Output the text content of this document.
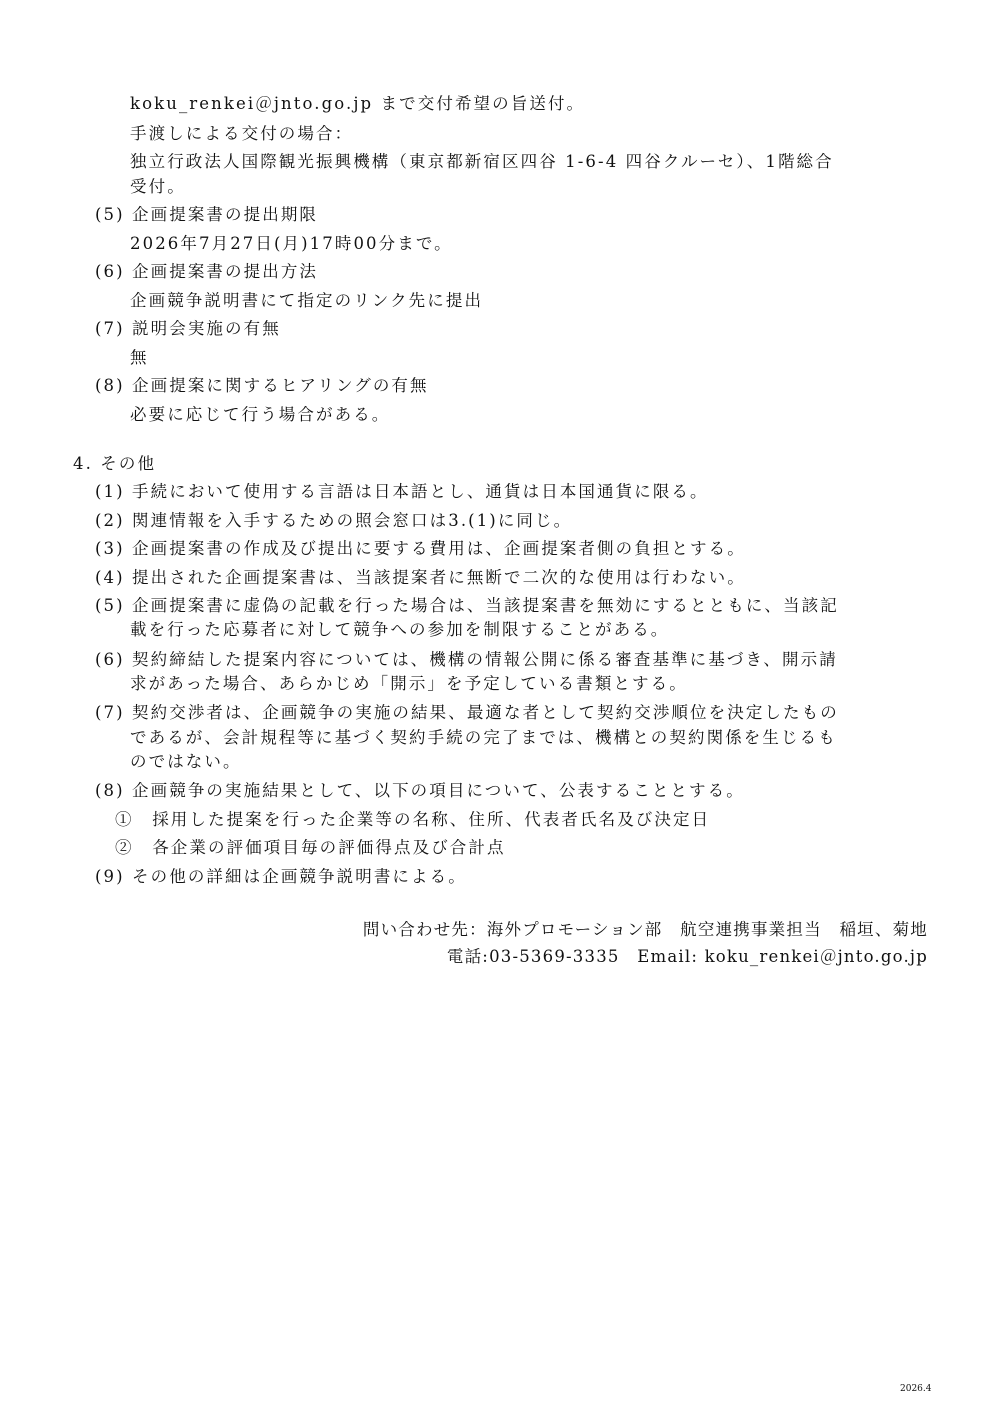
koku_renkei＠jnto.go.jp まで交付希望の旨送付。
手渡しによる交付の場合：
独立行政法人国際観光振興機構（東京都新宿区四谷 1-6-4 四谷クルーセ）、1階総合
受付。
(5) 企画提案書の提出期限
2026年7月27日(月)17時00分まで。
(6) 企画提案書の提出方法
企画競争説明書にて指定のリンク先に提出
(7) 説明会実施の有無
無
(8) 企画提案に関するヒアリングの有無
必要に応じて行う場合がある。
4. その他
(1) 手続において使用する言語は日本語とし、通貨は日本国通貨に限る。
(2) 関連情報を入手するための照会窓口は3.(1)に同じ。
(3) 企画提案書の作成及び提出に要する費用は、企画提案者側の負担とする。
(4) 提出された企画提案書は、当該提案者に無断で二次的な使用は行わない。
(5) 企画提案書に虚偽の記載を行った場合は、当該提案書を無効にするとともに、当該記
載を行った応募者に対して競争への参加を制限することがある。
(6) 契約締結した提案内容については、機構の情報公開に係る審査基準に基づき、開示請
求があった場合、あらかじめ「開示」を予定している書類とする。
(7) 契約交渉者は、企画競争の実施の結果、最適な者として契約交渉順位を決定したもの
であるが、会計規程等に基づく契約手続の完了までは、機構との契約関係を生じるも
のではない。
(8) 企画競争の実施結果として、以下の項目について、公表することとする。
①　採用した提案を行った企業等の名称、住所、代表者氏名及び決定日
②　各企業の評価項目毎の評価得点及び合計点
(9) その他の詳細は企画競争説明書による。
問い合わせ先：海外プロモーション部　航空連携事業担当　稲垣、菊地
電話:03-5369-3335　Email: koku_renkei＠jnto.go.jp
2026.4
